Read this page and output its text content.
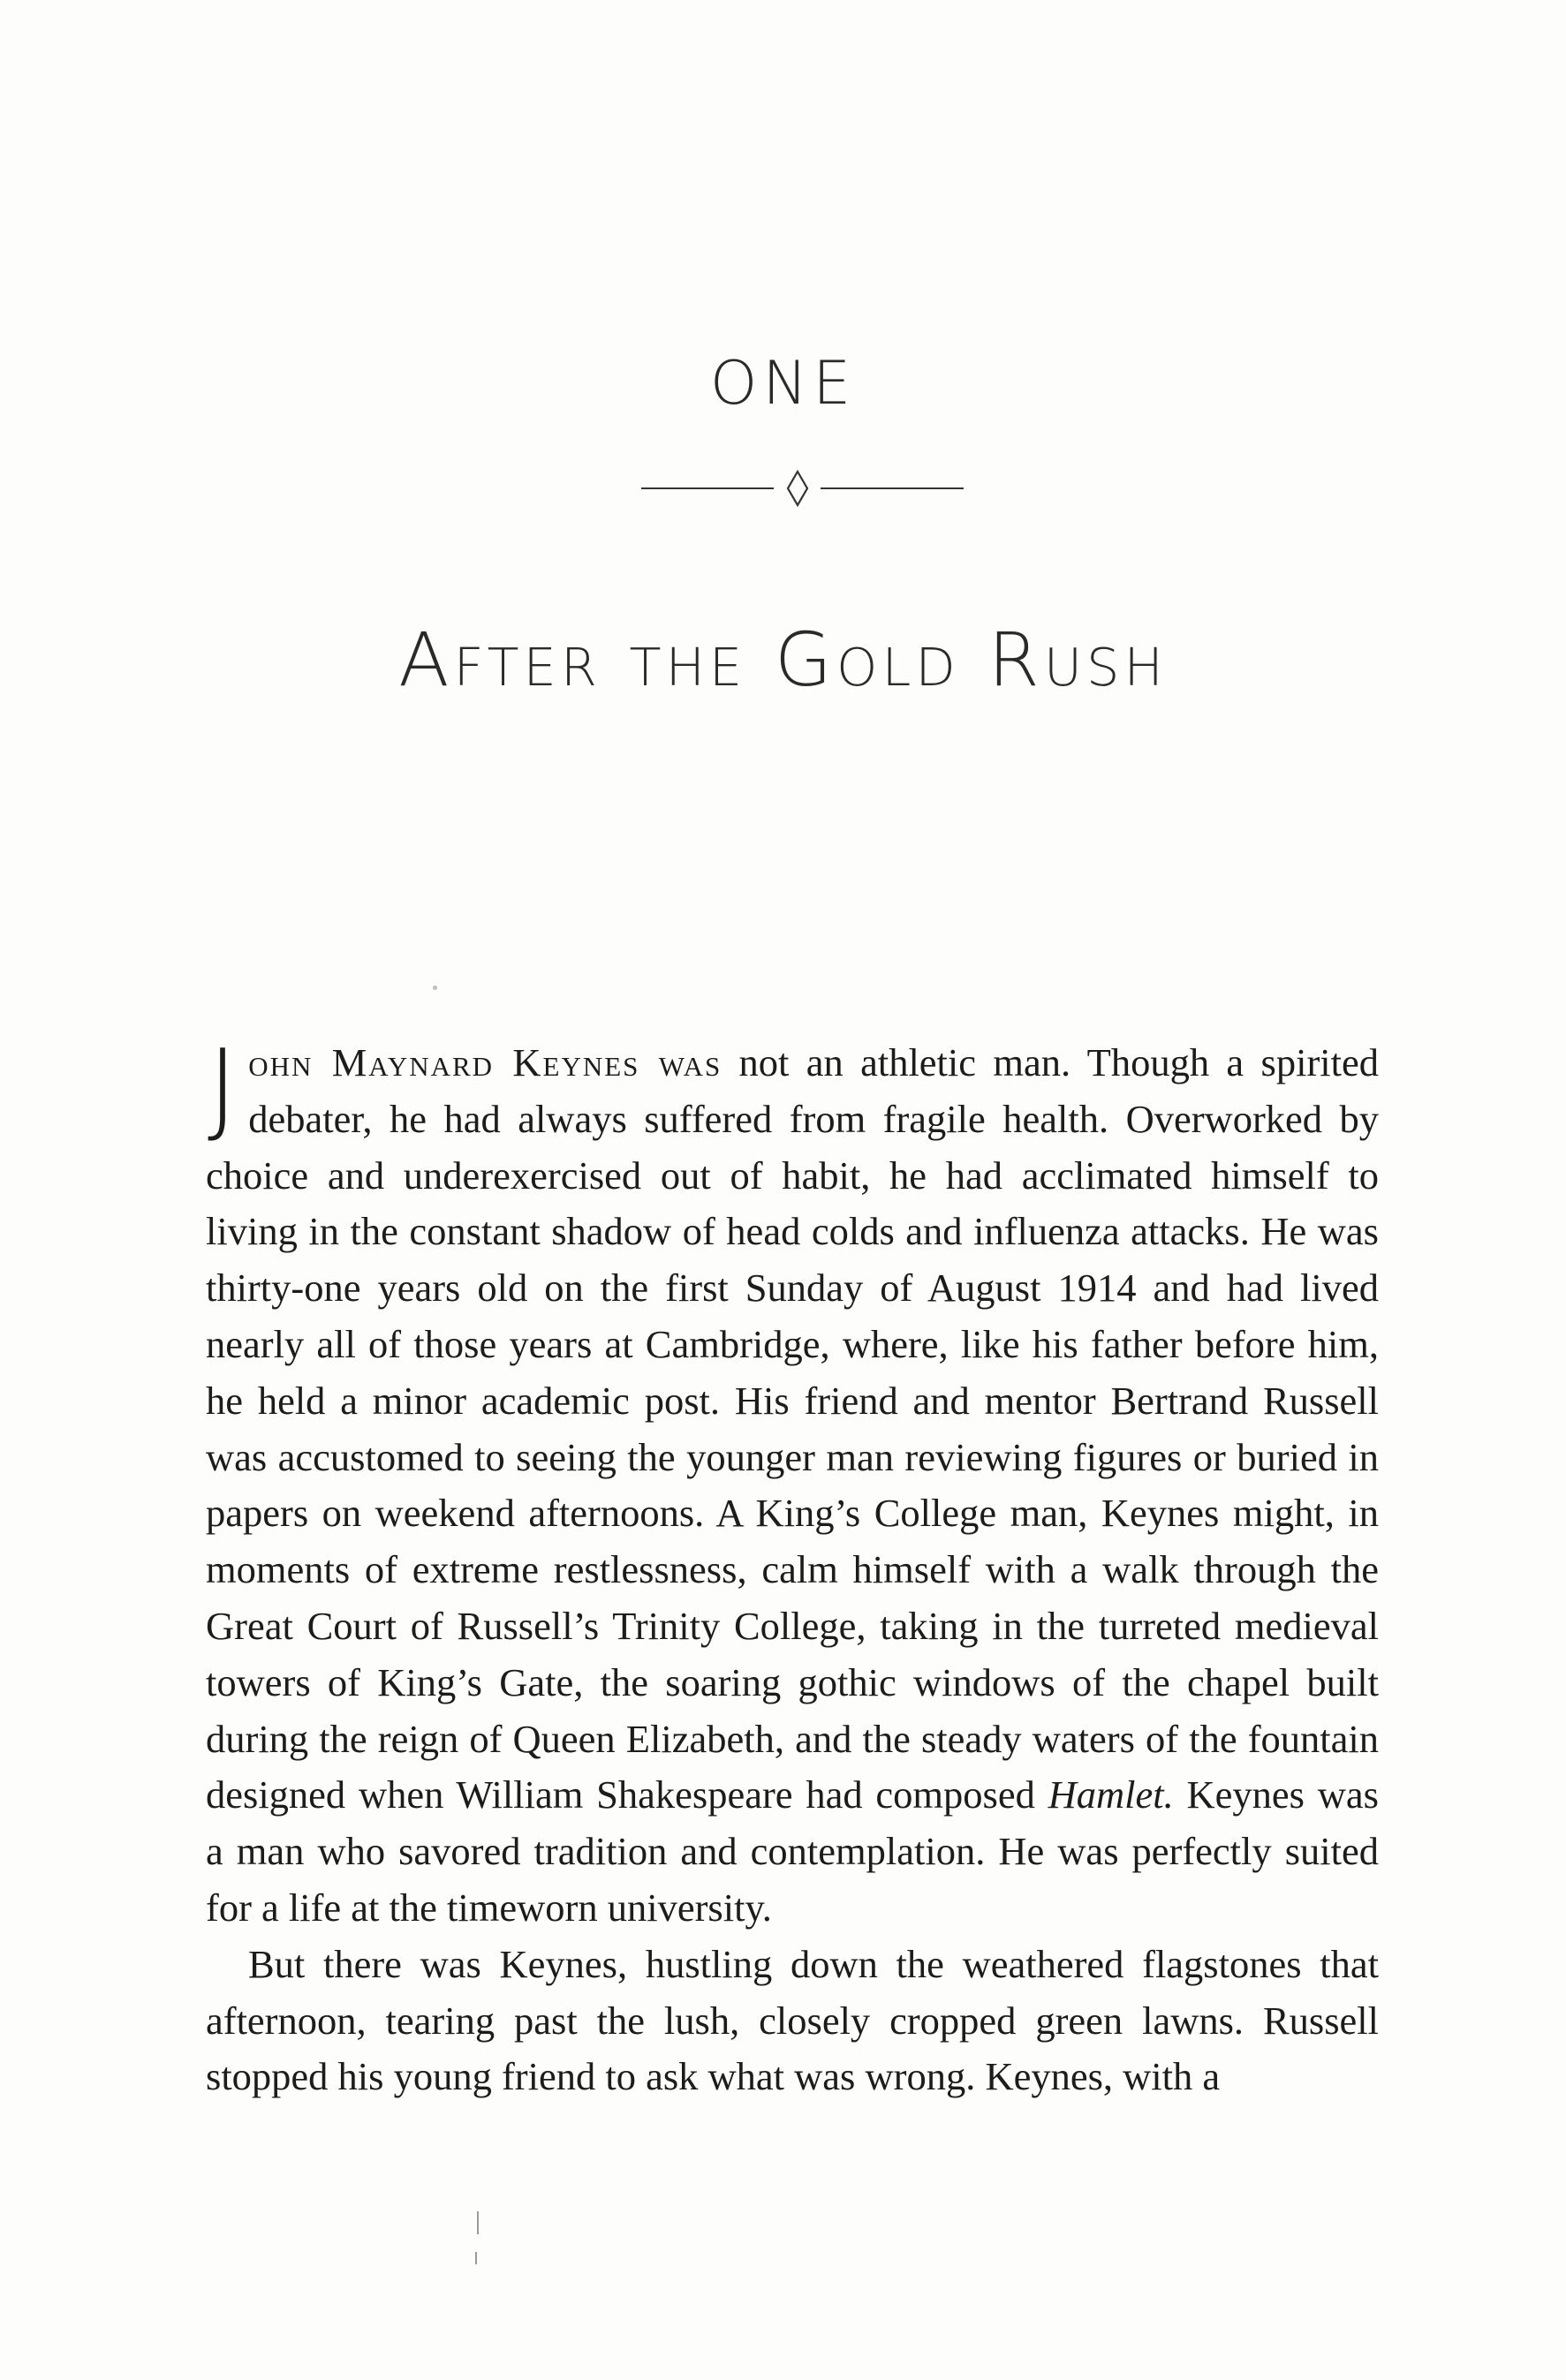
ONE
After the Gold Rush

John Maynard Keynes was not an athletic man. Though a spirited debater, he had always suffered from fragile health. Overworked by choice and underexercised out of habit, he had acclimated himself to living in the constant shadow of head colds and influenza attacks. He was thirty-one years old on the first Sunday of August 1914 and had lived nearly all of those years at Cambridge, where, like his father before him, he held a minor academic post. His friend and mentor Bertrand Russell was accustomed to seeing the younger man reviewing figures or buried in papers on weekend afternoons. A King’s College man, Keynes might, in moments of extreme restlessness, calm himself with a walk through the Great Court of Russell’s Trinity College, taking in the turreted medieval towers of King’s Gate, the soaring gothic windows of the chapel built during the reign of Queen Elizabeth, and the steady waters of the fountain designed when William Shakespeare had composed Hamlet. Keynes was a man who savored tradition and contemplation. He was perfectly suited for a life at the timeworn university.

But there was Keynes, hustling down the weathered flagstones that afternoon, tearing past the lush, closely cropped green lawns. Russell stopped his young friend to ask what was wrong. Keynes, with a
